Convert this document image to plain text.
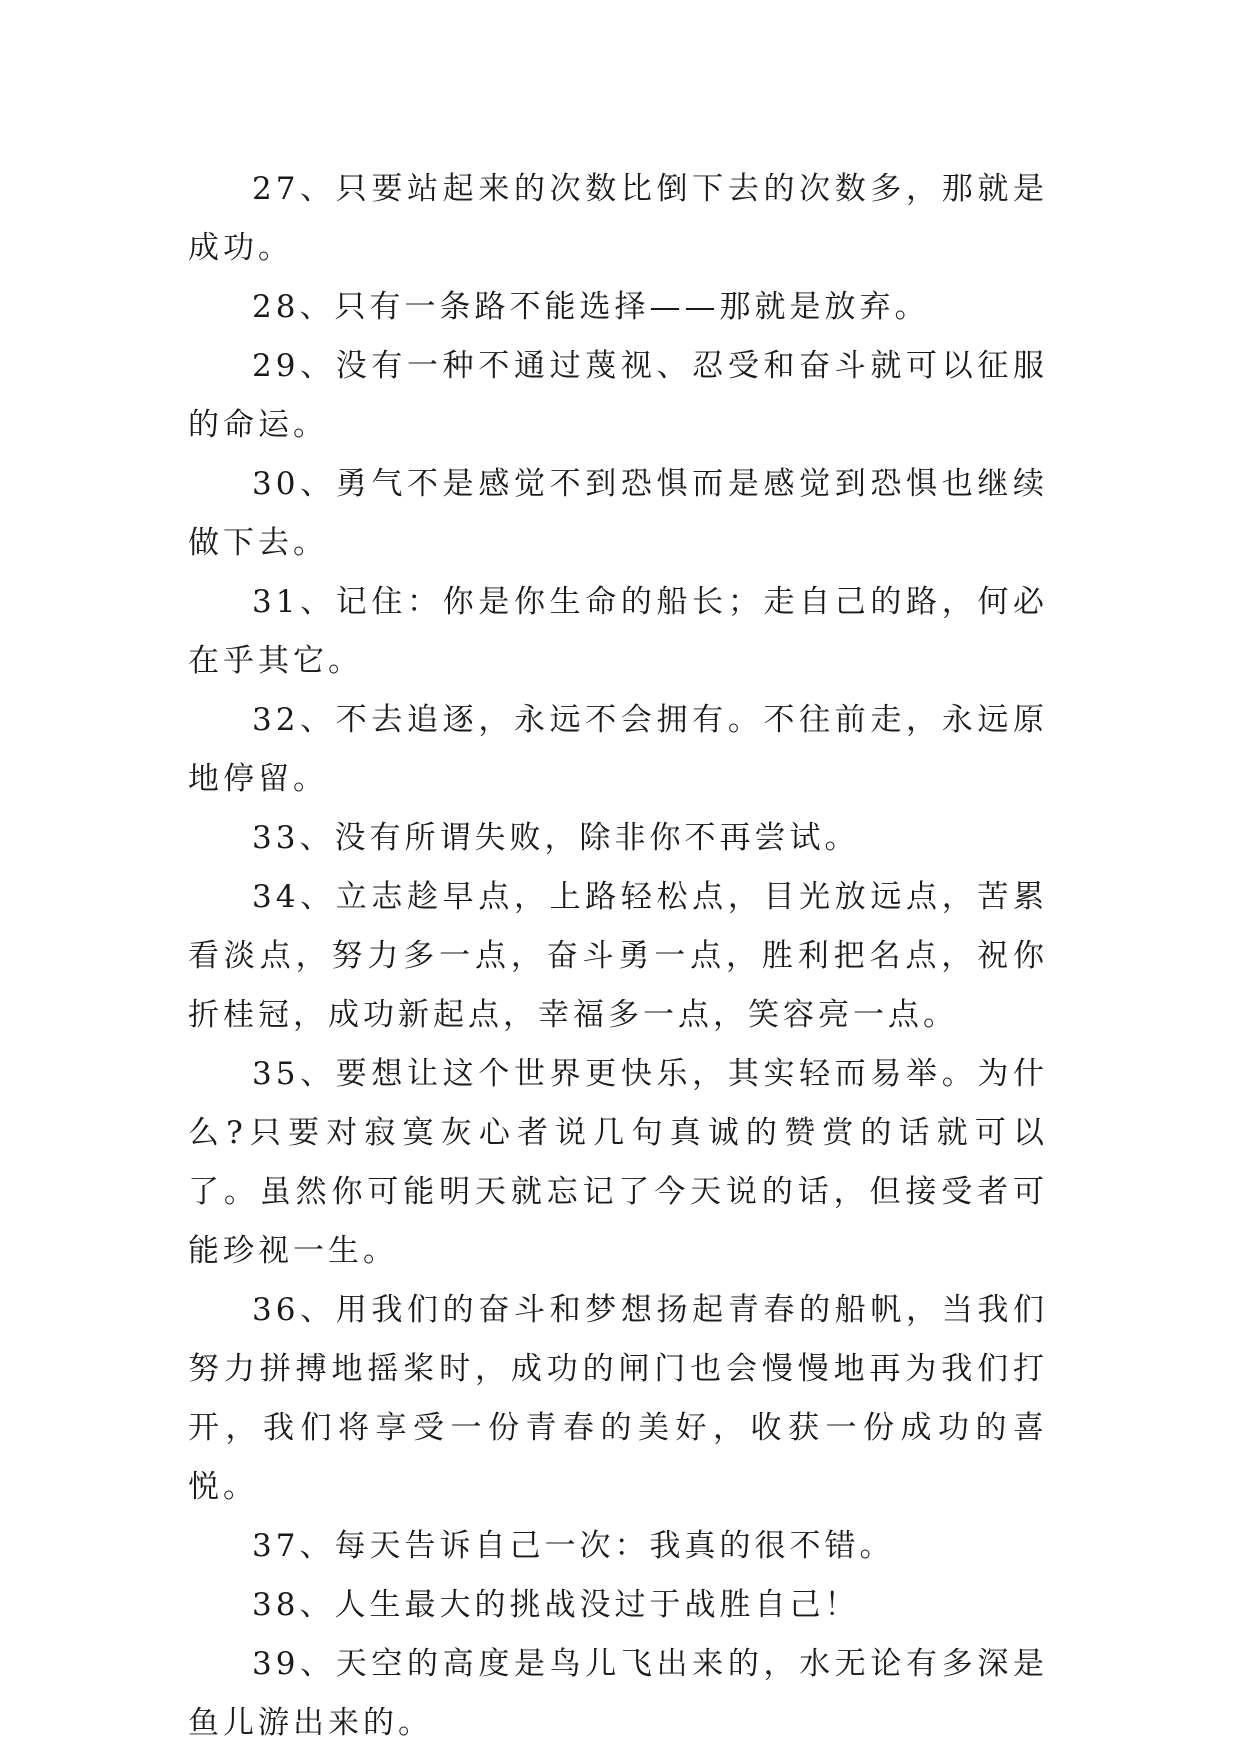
27、只要站起来的次数比倒下去的次数多，那就是成功。

28、只有一条路不能选择——那就是放弃。

29、没有一种不通过蔑视、忍受和奋斗就可以征服的命运。

30、勇气不是感觉不到恐惧而是感觉到恐惧也继续做下去。

31、记住：你是你生命的船长；走自己的路，何必在乎其它。

32、不去追逐，永远不会拥有。不往前走，永远原地停留。

33、没有所谓失败，除非你不再尝试。

34、立志趁早点，上路轻松点，目光放远点，苦累看淡点，努力多一点，奋斗勇一点，胜利把名点，祝你折桂冠，成功新起点，幸福多一点，笑容亮一点。

35、要想让这个世界更快乐，其实轻而易举。为什么?只要对寂寞灰心者说几句真诚的赞赏的话就可以了。虽然你可能明天就忘记了今天说的话，但接受者可能珍视一生。

36、用我们的奋斗和梦想扬起青春的船帆，当我们努力拼搏地摇桨时，成功的闸门也会慢慢地再为我们打开，我们将享受一份青春的美好，收获一份成功的喜悦。

37、每天告诉自己一次：我真的很不错。

38、人生最大的挑战没过于战胜自己！

39、天空的高度是鸟儿飞出来的，水无论有多深是鱼儿游出来的。
